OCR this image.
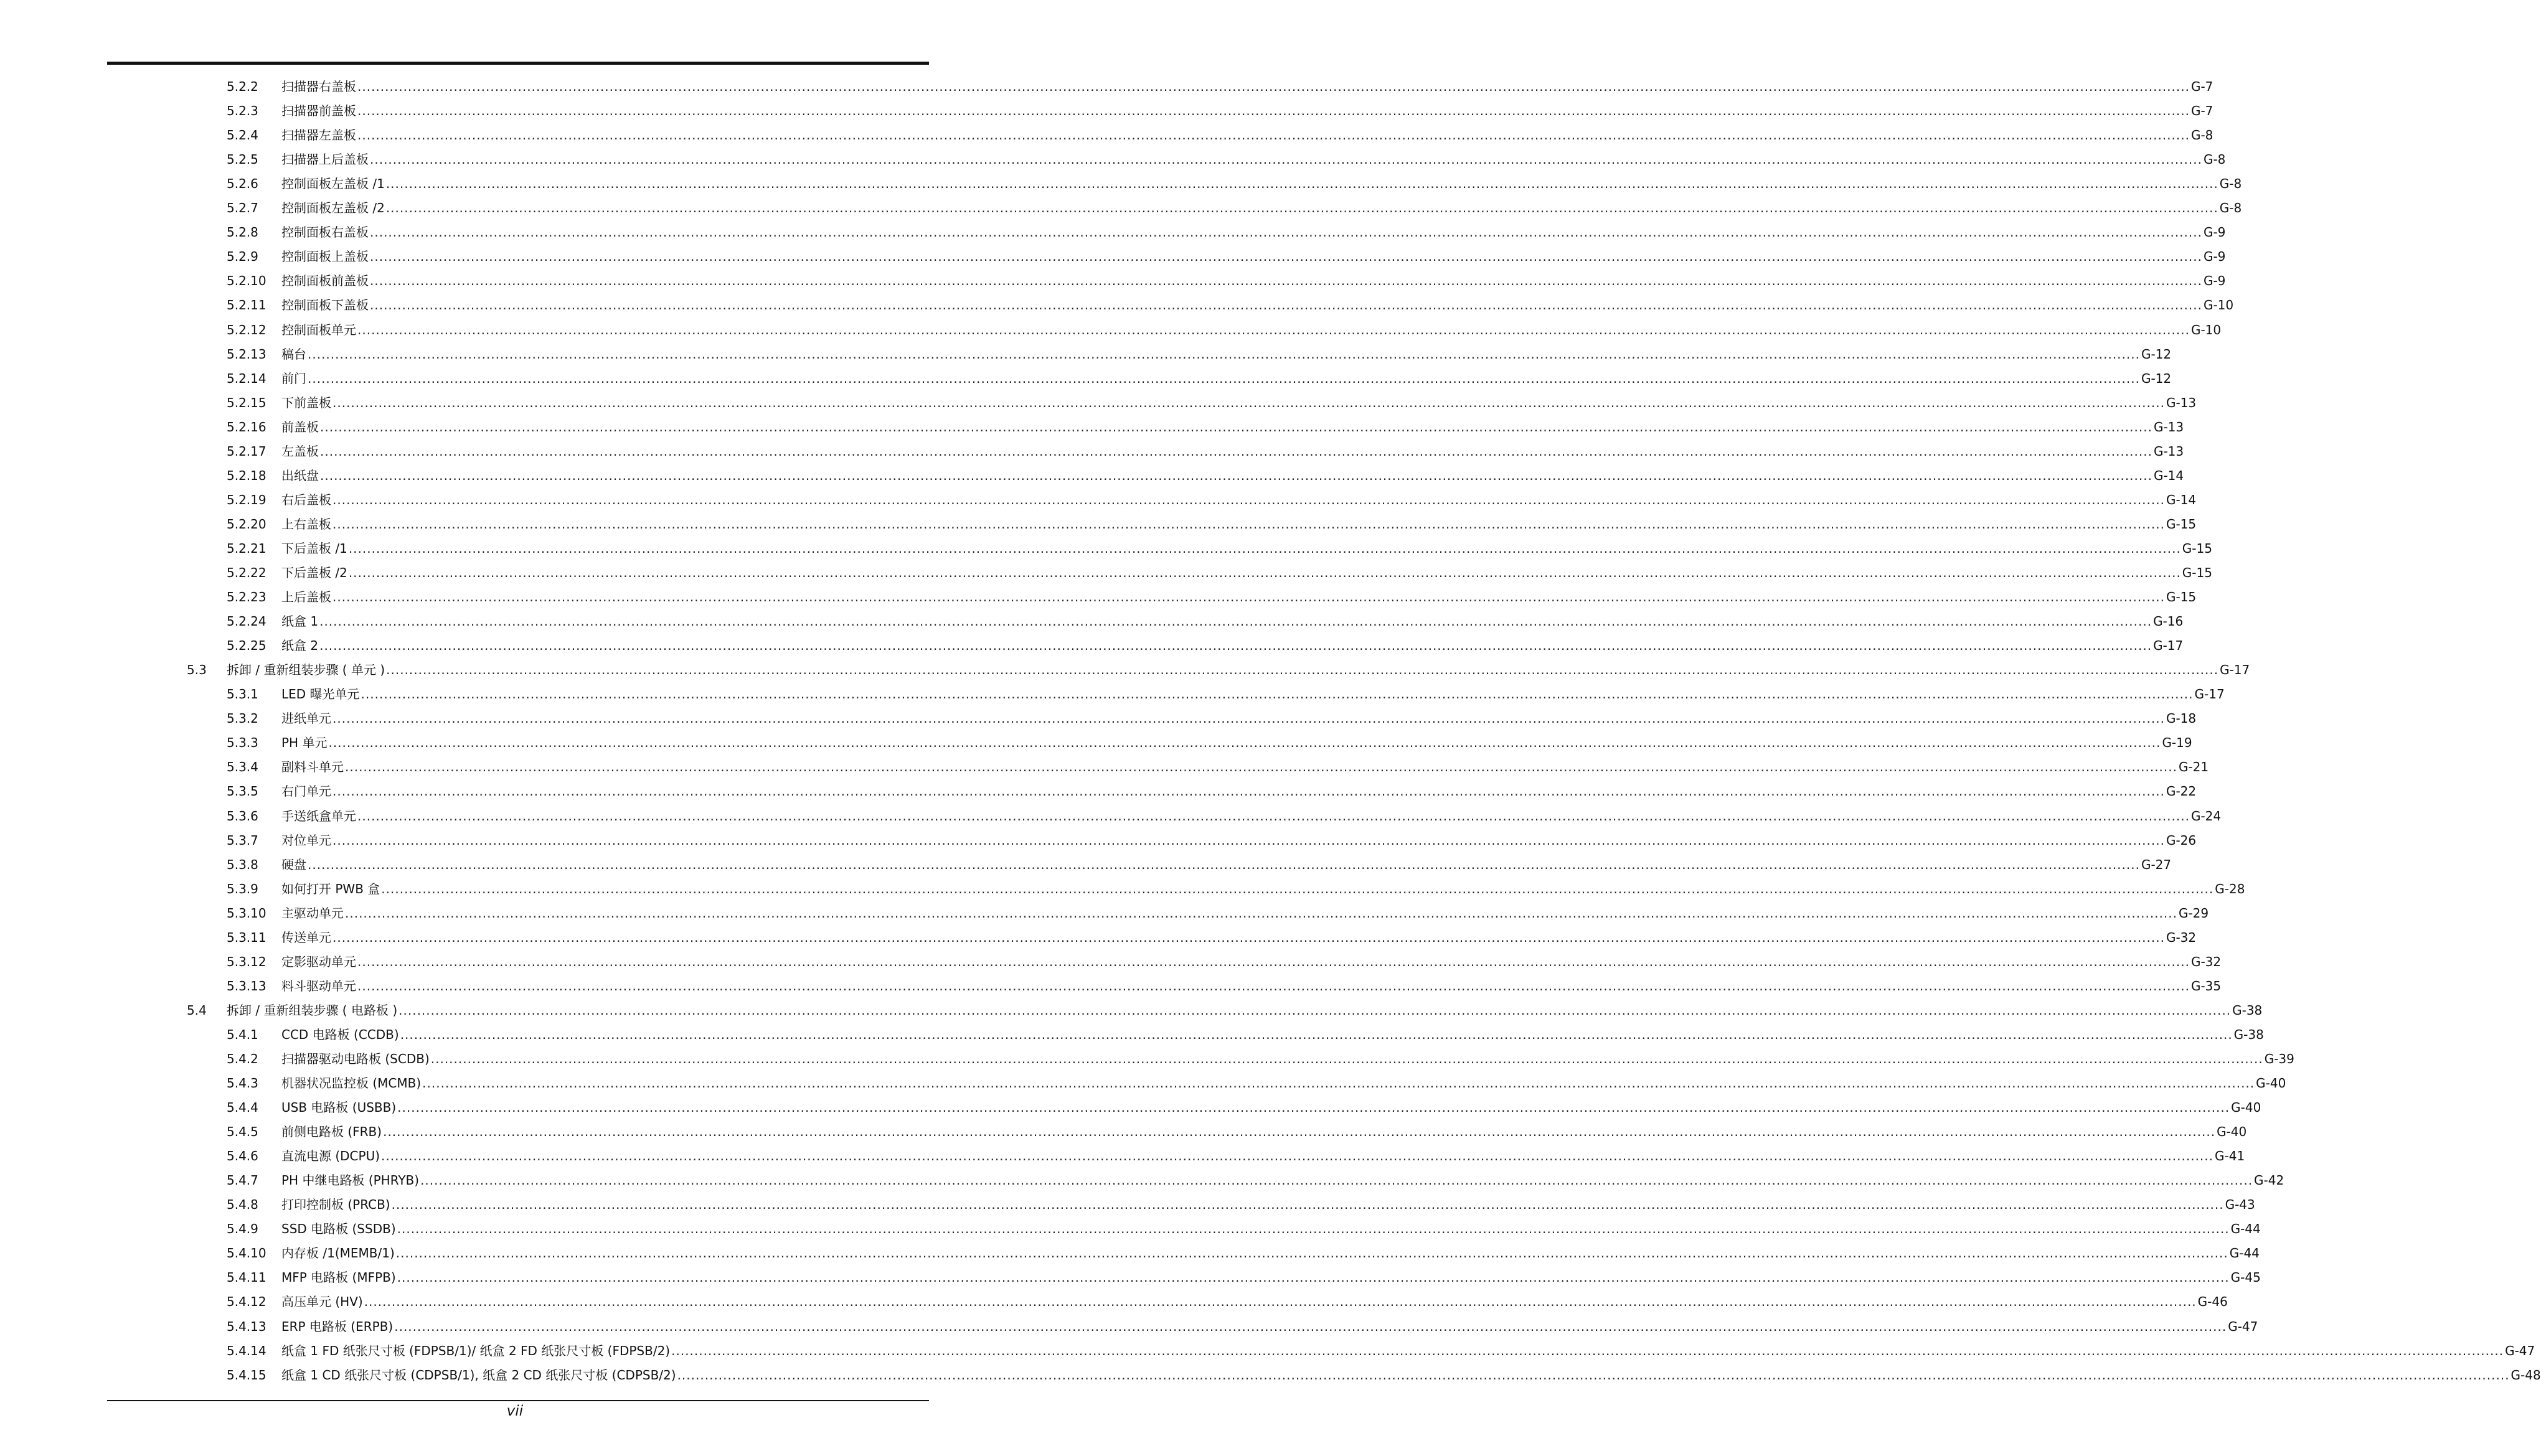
5.2.2	扫描器右盖板 ................................................................................................................................................................................................................................................................................................................................................................................................................ G-7
5.2.3	扫描器前盖板 ................................................................................................................................................................................................................................................................................................................................................................................................................ G-7
5.2.4	扫描器左盖板 ................................................................................................................................................................................................................................................................................................................................................................................................................ G-8
5.2.5	扫描器上后盖板 ................................................................................................................................................................................................................................................................................................................................................................................................................ G-8
5.2.6	控制面板左盖板 /1 ................................................................................................................................................................................................................................................................................................................................................................................................................ G-8
5.2.7	控制面板左盖板 /2 ................................................................................................................................................................................................................................................................................................................................................................................................................ G-8
5.2.8	控制面板右盖板 ................................................................................................................................................................................................................................................................................................................................................................................................................ G-9
5.2.9	控制面板上盖板 ................................................................................................................................................................................................................................................................................................................................................................................................................ G-9
5.2.10	控制面板前盖板 ................................................................................................................................................................................................................................................................................................................................................................................................................ G-9
5.2.11	控制面板下盖板 ................................................................................................................................................................................................................................................................................................................................................................................................................ G-10
5.2.12	控制面板单元 ................................................................................................................................................................................................................................................................................................................................................................................................................ G-10
5.2.13	稿台 ................................................................................................................................................................................................................................................................................................................................................................................................................ G-12
5.2.14	前门 ................................................................................................................................................................................................................................................................................................................................................................................................................ G-12
5.2.15	下前盖板 ................................................................................................................................................................................................................................................................................................................................................................................................................ G-13
5.2.16	前盖板 ................................................................................................................................................................................................................................................................................................................................................................................................................ G-13
5.2.17	左盖板 ................................................................................................................................................................................................................................................................................................................................................................................................................ G-13
5.2.18	出纸盘 ................................................................................................................................................................................................................................................................................................................................................................................................................ G-14
5.2.19	右后盖板 ................................................................................................................................................................................................................................................................................................................................................................................................................ G-14
5.2.20	上右盖板 ................................................................................................................................................................................................................................................................................................................................................................................................................ G-15
5.2.21	下后盖板 /1 ................................................................................................................................................................................................................................................................................................................................................................................................................ G-15
5.2.22	下后盖板 /2 ................................................................................................................................................................................................................................................................................................................................................................................................................ G-15
5.2.23	上后盖板 ................................................................................................................................................................................................................................................................................................................................................................................................................ G-15
5.2.24	纸盒 1 ................................................................................................................................................................................................................................................................................................................................................................................................................ G-16
5.2.25	纸盒 2 ................................................................................................................................................................................................................................................................................................................................................................................................................ G-17
5.3	拆卸 / 重新组装步骤 ( 单元 ) ................................................................................................................................................................................................................................................................................................................................................................................................................ G-17
5.3.1	LED 曝光单元 ................................................................................................................................................................................................................................................................................................................................................................................................................ G-17
5.3.2	进纸单元 ................................................................................................................................................................................................................................................................................................................................................................................................................ G-18
5.3.3	PH 单元 ................................................................................................................................................................................................................................................................................................................................................................................................................ G-19
5.3.4	副料斗单元 ................................................................................................................................................................................................................................................................................................................................................................................................................ G-21
5.3.5	右门单元 ................................................................................................................................................................................................................................................................................................................................................................................................................ G-22
5.3.6	手送纸盒单元 ................................................................................................................................................................................................................................................................................................................................................................................................................ G-24
5.3.7	对位单元 ................................................................................................................................................................................................................................................................................................................................................................................................................ G-26
5.3.8	硬盘 ................................................................................................................................................................................................................................................................................................................................................................................................................ G-27
5.3.9	如何打开 PWB 盒 ................................................................................................................................................................................................................................................................................................................................................................................................................ G-28
5.3.10	主驱动单元 ................................................................................................................................................................................................................................................................................................................................................................................................................ G-29
5.3.11	传送单元 ................................................................................................................................................................................................................................................................................................................................................................................................................ G-32
5.3.12	定影驱动单元 ................................................................................................................................................................................................................................................................................................................................................................................................................ G-32
5.3.13	料斗驱动单元 ................................................................................................................................................................................................................................................................................................................................................................................................................ G-35
5.4	拆卸 / 重新组装步骤 ( 电路板 ) ................................................................................................................................................................................................................................................................................................................................................................................................................ G-38
5.4.1	CCD 电路板 (CCDB) ................................................................................................................................................................................................................................................................................................................................................................................................................ G-38
5.4.2	扫描器驱动电路板 (SCDB) ................................................................................................................................................................................................................................................................................................................................................................................................................ G-39
5.4.3	机器状况监控板 (MCMB) ................................................................................................................................................................................................................................................................................................................................................................................................................ G-40
5.4.4	USB 电路板 (USBB) ................................................................................................................................................................................................................................................................................................................................................................................................................ G-40
5.4.5	前侧电路板 (FRB) ................................................................................................................................................................................................................................................................................................................................................................................................................ G-40
5.4.6	直流电源 (DCPU) ................................................................................................................................................................................................................................................................................................................................................................................................................ G-41
5.4.7	PH 中继电路板 (PHRYB) ................................................................................................................................................................................................................................................................................................................................................................................................................ G-42
5.4.8	打印控制板 (PRCB) ................................................................................................................................................................................................................................................................................................................................................................................................................ G-43
5.4.9	SSD 电路板 (SSDB) ................................................................................................................................................................................................................................................................................................................................................................................................................ G-44
5.4.10	内存板 /1(MEMB/1) ................................................................................................................................................................................................................................................................................................................................................................................................................ G-44
5.4.11	MFP 电路板 (MFPB) ................................................................................................................................................................................................................................................................................................................................................................................................................ G-45
5.4.12	高压单元 (HV) ................................................................................................................................................................................................................................................................................................................................................................................................................ G-46
5.4.13	ERP 电路板 (ERPB) ................................................................................................................................................................................................................................................................................................................................................................................................................ G-47
5.4.14	纸盒 1 FD 纸张尺寸板 (FDPSB/1)/ 纸盒 2 FD 纸张尺寸板 (FDPSB/2) ................................................................................................................................................................................................................................................................................................................................................................................................................ G-47
5.4.15	纸盒 1 CD 纸张尺寸板 (CDPSB/1), 纸盒 2 CD 纸张尺寸板 (CDPSB/2) ................................................................................................................................................................................................................................................................................................................................................................................................................ G-48
vii
